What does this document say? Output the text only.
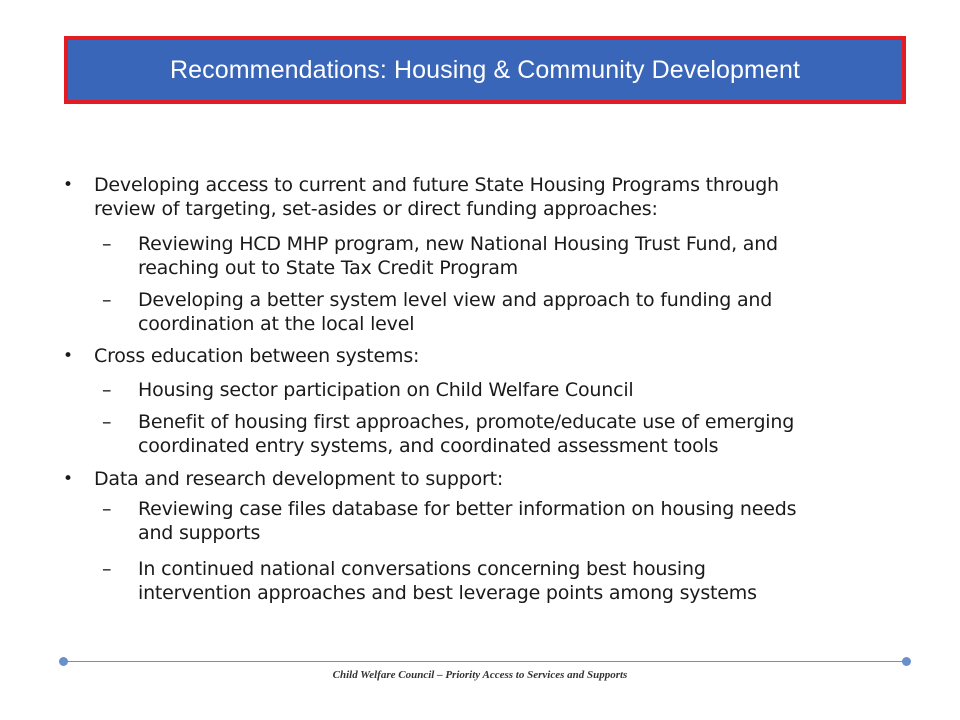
Recommendations: Housing & Community Development
• Developing access to current and future State Housing Programs through
review of targeting, set-asides or direct funding approaches:
– Reviewing HCD MHP program, new National Housing Trust Fund, and
reaching out to State Tax Credit Program
– Developing a better system level view and approach to funding and
coordination at the local level
• Cross education between systems:
– Housing sector participation on Child Welfare Council
– Benefit of housing first approaches, promote/educate use of emerging
coordinated entry systems, and coordinated assessment tools
• Data and research development to support:
– Reviewing case files database for better information on housing needs
and supports
– In continued national conversations concerning best housing
intervention approaches and best leverage points among systems
Child Welfare Council – Priority Access to Services and Supports
